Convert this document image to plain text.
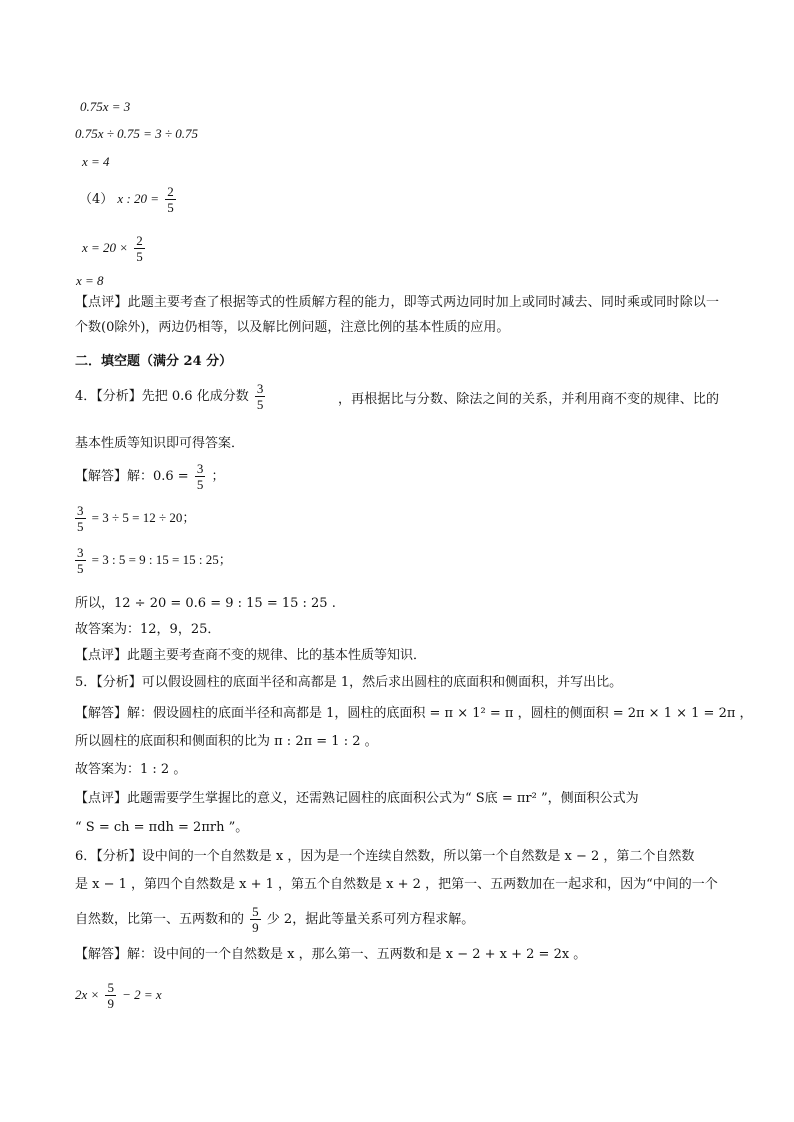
0.75x = 3
0.75x ÷ 0.75 = 3 ÷ 0.75
x = 4
（4） x : $20 = \frac{2}{5}$
$x = 20 \times \frac{2}{5}$
x = 8
【点评】此题主要考查了根据等式的性质解方程的能力，即等式两边同时加上或同时减去、同时乘或同时除以一个数(0除外)，两边仍相等，以及解比例问题，注意比例的基本性质的应用。
二．填空题（满分 24 分）
4．【分析】先把 0.6 化成分数 $\frac{3}{5}$	，再根据比与分数、除法之间的关系，并利用商不变的规律、比的基本性质等知识即可得答案．
【解答】解：$0.6 = \frac{3}{5}$ ；
$\frac{3}{5} = 3 \div 5 = 12 \div 20$；
$\frac{3}{5} = 3$ : 5 = 9 : 15 = 15 : 25；
所以，12 ÷ 20 = 0.6 = 9 : 15 = 15 : 25 .
故答案为：12，9，25．
【点评】此题主要考查商不变的规律、比的基本性质等知识．
5．【分析】可以假设圆柱的底面半径和高都是 1，然后求出圆柱的底面积和侧面积，并写出比。
【解答】解：假设圆柱的底面半径和高都是 1，圆柱的底面积 = π × 1² = π ，圆柱的侧面积 = 2π × 1 × 1 = 2π ，
所以圆柱的底面积和侧面积的比为 π : 2π = 1 : 2 。
故答案为：1 : 2 。
【点评】此题需要学生掌握比的意义，还需熟记圆柱的底面积公式为“ S底 = πr² ”，侧面积公式为
“ S = ch = πdh = 2πrh ”。
6．【分析】设中间的一个自然数是 x ，因为是一个连续自然数，所以第一个自然数是 x − 2 ，第二个自然数
是 x − 1 ，第四个自然数是 x + 1 ，第五个自然数是 x + 2 ，把第一、五两数加在一起求和，因为“中间的一个
自然数，比第一、五两数和的 $\frac{5}{9}$ 少 2，据此等量关系可列方程求解。
【解答】解：设中间的一个自然数是 x ，那么第一、五两数和是 x − 2 + x + 2 = 2x 。
$2x \times \frac{5}{9} - 2 = x$
